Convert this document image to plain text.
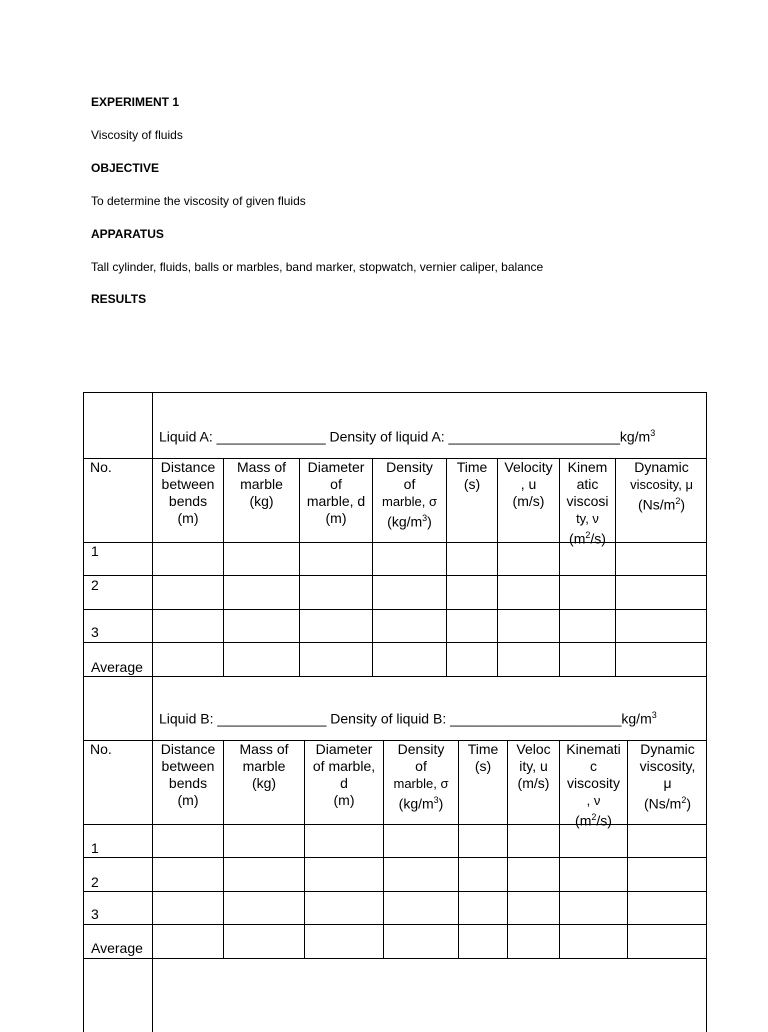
EXPERIMENT 1
Viscosity of fluids
OBJECTIVE
To determine the viscosity of given fluids
APPARATUS
Tall cylinder, fluids, balls or marbles, band marker, stopwatch, vernier caliper, balance
RESULTS
Liquid A: ______________ Density of liquid A: $\_\_\_\_\_\_\_\_\_\_\_\_\_\_\_\_\_\_\_\_\_\_kg/m^3$
No.	Distance
between
bends
(m)
Mass of
marble
(kg)
Diameter
of
marble, d
(m)
Density
of
marble, σ
$(kg/m^3)$
Time
(s)
Velocity
, u
(m/s)
Kinem
atic
viscosi
ty, ν
$(m^2/s)$
Dynamic
viscosity, μ
$(Ns/m^2)$
1
2
3
Average
Liquid B: ______________ Density of liquid B: $\_\_\_\_\_\_\_\_\_\_\_\_\_\_\_\_\_\_\_\_\_\_kg/m^3$
No.	Distance
between
bends
(m)
Mass of
marble
(kg)
Diameter
of marble,
d
(m)
Density
of
marble, σ
$(kg/m^3)$
Time
(s)
Veloc
ity, u
(m/s)
Kinemati
c
viscosity
, ν
$(m^2/s)$
Dynamic
viscosity,
μ
$(Ns/m^2)$
1
2
3
Average
